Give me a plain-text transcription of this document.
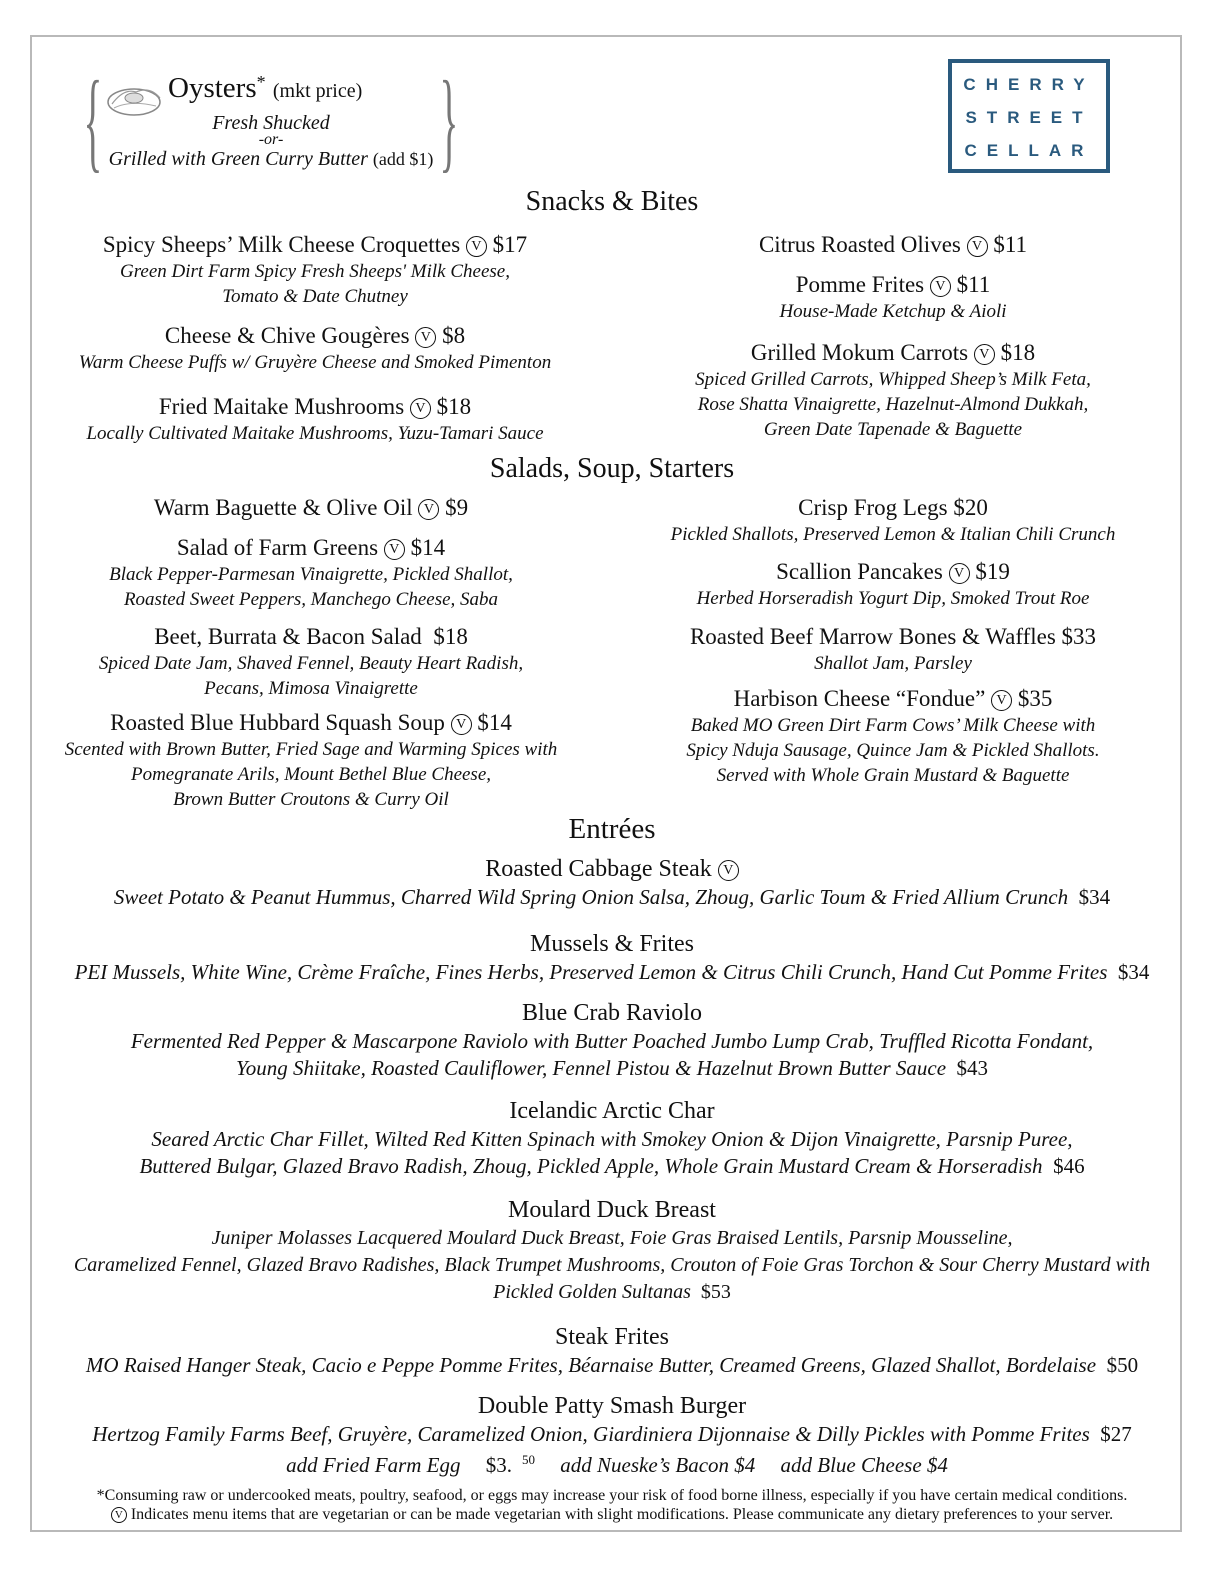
{	}
Oysters* (mkt price)
Fresh Shucked
-or-
Grilled with Green Curry Butter (add $1)
CHERRY
STREET
CELLAR
Snacks & Bites
Spicy Sheeps’ Milk Cheese Croquettes V $17
Green Dirt Farm Spicy Fresh Sheeps' Milk Cheese,
Tomato & Date Chutney
Cheese & Chive Gougères V $8
Warm Cheese Puffs w/ Gruyère Cheese and Smoked Pimenton
Fried Maitake Mushrooms V $18
Locally Cultivated Maitake Mushrooms, Yuzu-Tamari Sauce
Citrus Roasted Olives V $11
Pomme Frites V $11
House-Made Ketchup & Aioli
Grilled Mokum Carrots V $18
Spiced Grilled Carrots, Whipped Sheep’s Milk Feta,
Rose Shatta Vinaigrette, Hazelnut-Almond Dukkah,
Green Date Tapenade & Baguette
Salads, Soup, Starters
Warm Baguette & Olive Oil V $9
Salad of Farm Greens V $14
Black Pepper-Parmesan Vinaigrette, Pickled Shallot,
Roasted Sweet Peppers, Manchego Cheese, Saba
Beet, Burrata & Bacon Salad $18
Spiced Date Jam, Shaved Fennel, Beauty Heart Radish,
Pecans, Mimosa Vinaigrette
Roasted Blue Hubbard Squash Soup V $14
Scented with Brown Butter, Fried Sage and Warming Spices with
Pomegranate Arils, Mount Bethel Blue Cheese,
Brown Butter Croutons & Curry Oil
Crisp Frog Legs $20
Pickled Shallots, Preserved Lemon & Italian Chili Crunch
Scallion Pancakes V $19
Herbed Horseradish Yogurt Dip, Smoked Trout Roe
Roasted Beef Marrow Bones & Waffles $33
Shallot Jam, Parsley
Harbison Cheese “Fondue” V $35
Baked MO Green Dirt Farm Cows’ Milk Cheese with
Spicy Nduja Sausage, Quince Jam & Pickled Shallots.
Served with Whole Grain Mustard & Baguette
Entrées
Roasted Cabbage Steak V
Sweet Potato & Peanut Hummus, Charred Wild Spring Onion Salsa, Zhoug, Garlic Toum & Fried Allium Crunch $34
Mussels & Frites
PEI Mussels, White Wine, Crème Fraîche, Fines Herbs, Preserved Lemon & Citrus Chili Crunch, Hand Cut Pomme Frites $34
Blue Crab Raviolo
Fermented Red Pepper & Mascarpone Raviolo with Butter Poached Jumbo Lump Crab, Truffled Ricotta Fondant,
Young Shiitake, Roasted Cauliflower, Fennel Pistou & Hazelnut Brown Butter Sauce $43
Icelandic Arctic Char
Seared Arctic Char Fillet, Wilted Red Kitten Spinach with Smokey Onion & Dijon Vinaigrette, Parsnip Puree,
Buttered Bulgar, Glazed Bravo Radish, Zhoug, Pickled Apple, Whole Grain Mustard Cream & Horseradish $46
Moulard Duck Breast
Juniper Molasses Lacquered Moulard Duck Breast, Foie Gras Braised Lentils, Parsnip Mousseline,
Caramelized Fennel, Glazed Bravo Radishes, Black Trumpet Mushrooms, Crouton of Foie Gras Torchon & Sour Cherry Mustard with
Pickled Golden Sultanas $53
Steak Frites
MO Raised Hanger Steak, Cacio e Peppe Pomme Frites, Béarnaise Butter, Creamed Greens, Glazed Shallot, Bordelaise $50
Double Patty Smash Burger
Hertzog Family Farms Beef, Gruyère, Caramelized Onion, Giardiniera Dijonnaise & Dilly Pickles with Pomme Frites $27
add Fried Farm Egg $3. $^{50}$ add Nueske’s Bacon $4 add Blue Cheese $4
*Consuming raw or undercooked meats, poultry, seafood, or eggs may increase your risk of food borne illness, especially if you have certain medical conditions.
V Indicates menu items that are vegetarian or can be made vegetarian with slight modifications. Please communicate any dietary preferences to your server.
